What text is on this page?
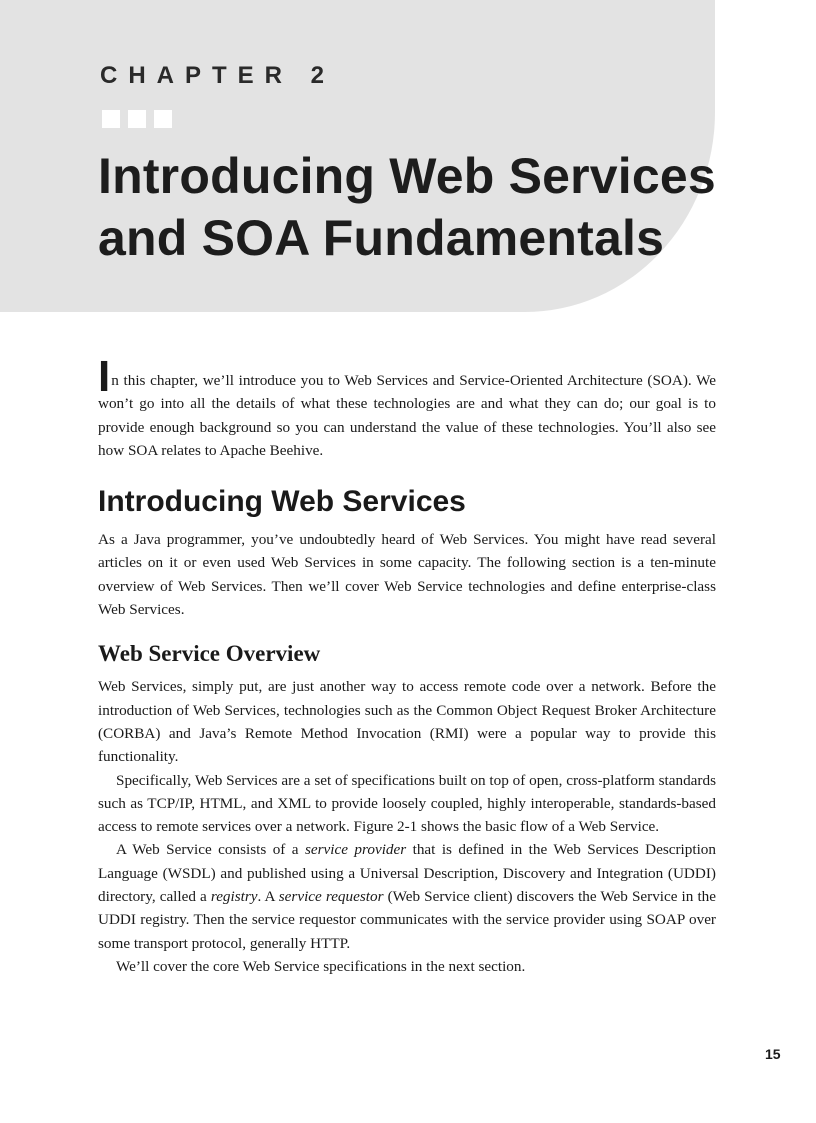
CHAPTER 2
Introducing Web Services and SOA Fundamentals

In this chapter, we’ll introduce you to Web Services and Service-Oriented Architecture (SOA). We won’t go into all the details of what these technologies are and what they can do; our goal is to provide enough background so you can understand the value of these technologies. You’ll also see how SOA relates to Apache Beehive.

Introducing Web Services

As a Java programmer, you’ve undoubtedly heard of Web Services. You might have read several articles on it or even used Web Services in some capacity. The following section is a ten-minute overview of Web Services. Then we’ll cover Web Service technologies and define enterprise-class Web Services.

Web Service Overview

Web Services, simply put, are just another way to access remote code over a network. Before the introduction of Web Services, technologies such as the Common Object Request Broker Architecture (CORBA) and Java’s Remote Method Invocation (RMI) were a popular way to provide this functionality.

Specifically, Web Services are a set of specifications built on top of open, cross-platform standards such as TCP/IP, HTML, and XML to provide loosely coupled, highly interoperable, standards-based access to remote services over a network. Figure 2-1 shows the basic flow of a Web Service.

A Web Service consists of a service provider that is defined in the Web Services Description Language (WSDL) and published using a Universal Description, Discovery and Integration (UDDI) directory, called a registry. A service requestor (Web Service client) discovers the Web Service in the UDDI registry. Then the service requestor communicates with the service provider using SOAP over some transport protocol, generally HTTP.

We’ll cover the core Web Service specifications in the next section.

15
